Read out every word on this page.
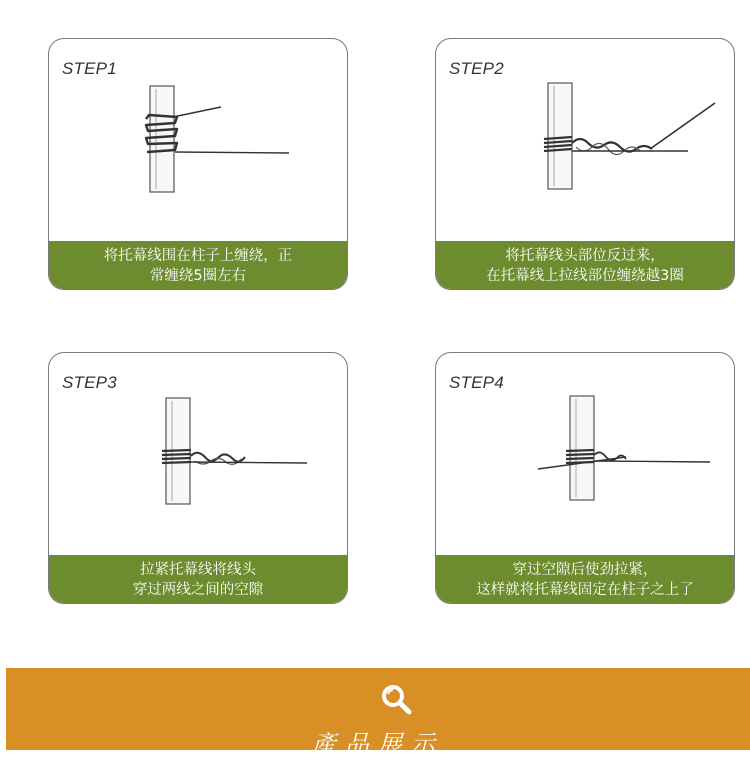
STEP1
将托幕线围在柱子上缠绕，正
常缠绕5圈左右
STEP2
将托幕线头部位反过来，
在托幕线上拉线部位缠绕越3圈
STEP3
拉紧托幕线将线头
穿过两线之间的空隙
STEP4
穿过空隙后使劲拉紧，
这样就将托幕线固定在柱子之上了
產品展示
